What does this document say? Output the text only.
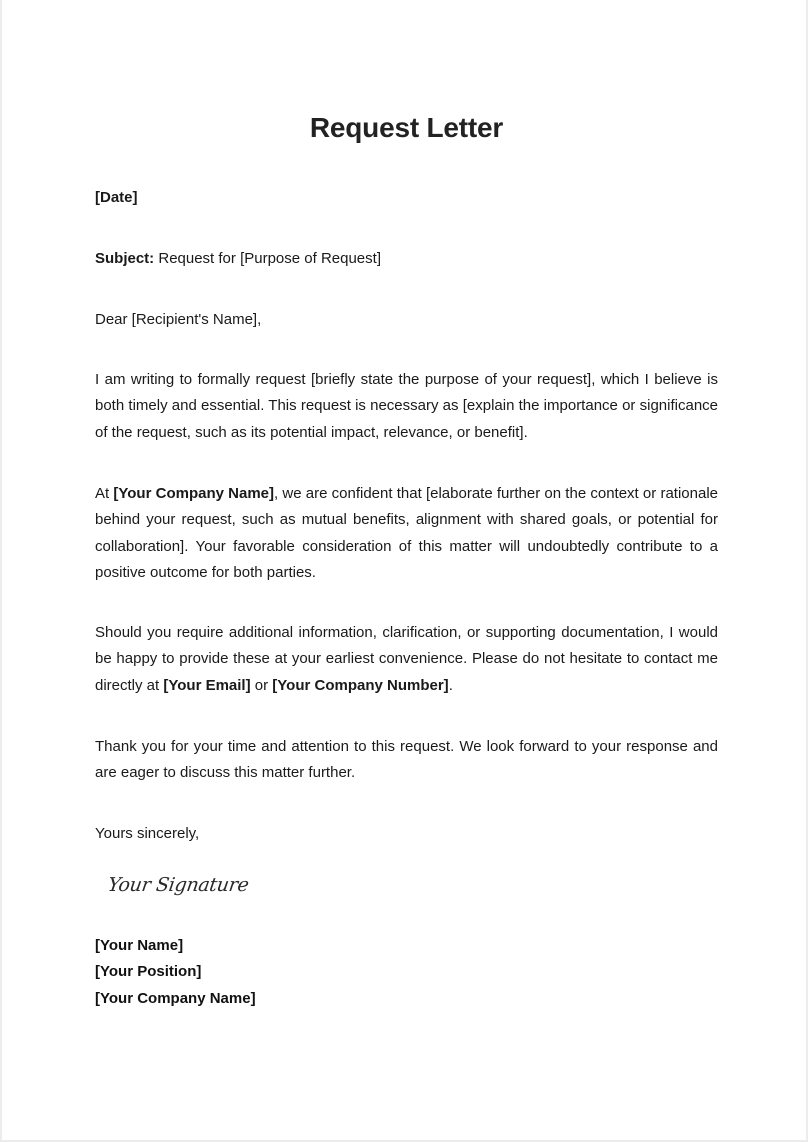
Request Letter

[Date]

Subject: Request for [Purpose of Request]

Dear [Recipient's Name],

I am writing to formally request [briefly state the purpose of your request], which I believe is both timely and essential. This request is necessary as [explain the importance or significance of the request, such as its potential impact, relevance, or benefit].

At [Your Company Name], we are confident that [elaborate further on the context or rationale behind your request, such as mutual benefits, alignment with shared goals, or potential for collaboration]. Your favorable consideration of this matter will undoubtedly contribute to a positive outcome for both parties.

Should you require additional information, clarification, or supporting documentation, I would be happy to provide these at your earliest convenience. Please do not hesitate to contact me directly at [Your Email] or [Your Company Number].

Thank you for your time and attention to this request. We look forward to your response and are eager to discuss this matter further.

Yours sincerely,

Your Signature
[Your Name]
[Your Position]
[Your Company Name]
